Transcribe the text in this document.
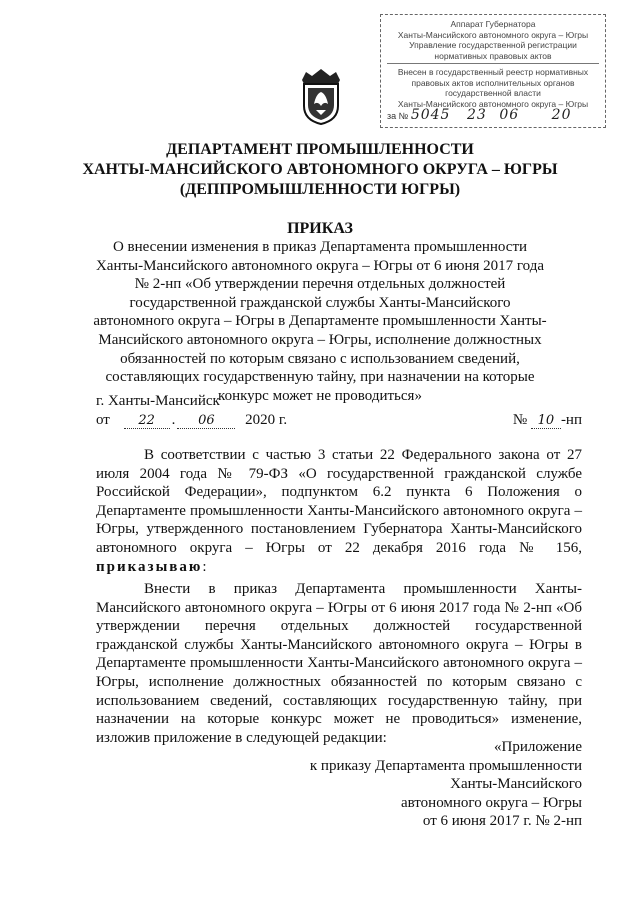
Аппарат Губернатора
Ханты-Мансийского автономного округа – Югры
Управление государственной регистрации
нормативных правовых актов
Внесен в государственный реестр нормативных
правовых актов исполнительных органов
государственной власти
Ханты-Мансийского автономного округа – Югры
за № 5045 23 06 20
ДЕПАРТАМЕНТ ПРОМЫШЛЕННОСТИ
ХАНТЫ-МАНСИЙСКОГО АВТОНОМНОГО ОКРУГА – ЮГРЫ
(ДЕППРОМЫШЛЕННОСТИ ЮГРЫ)
ПРИКАЗ
О внесении изменения в приказ Департамента промышленности Ханты-Мансийского автономного округа – Югры от 6 июня 2017 года № 2-нп «Об утверждении перечня отдельных должностей государственной гражданской службы Ханты-Мансийского автономного округа – Югры в Департаменте промышленности Ханты-Мансийского автономного округа – Югры, исполнение должностных обязанностей по которым связано с использованием сведений, составляющих государственную тайну, при назначении на которые конкурс может не проводиться»
г. Ханты-Мансийск
от 22 . 06 2020 г.	№ 10 -нп

В соответствии с частью 3 статьи 22 Федерального закона от 27 июля 2004 года № 79-ФЗ «О государственной гражданской службе Российской Федерации», подпунктом 6.2 пункта 6 Положения о Департаменте промышленности Ханты-Мансийского автономного округа – Югры, утвержденного постановлением Губернатора Ханты-Мансийского автономного округа – Югры от 22 декабря 2016 года № 156, приказываю:

Внести в приказ Департамента промышленности Ханты-Мансийского автономного округа – Югры от 6 июня 2017 года № 2-нп «Об утверждении перечня отдельных должностей государственной гражданской службы Ханты-Мансийского автономного округа – Югры в Департаменте промышленности Ханты-Мансийского автономного округа – Югры, исполнение должностных обязанностей по которым связано с использованием сведений, составляющих государственную тайну, при назначении на которые конкурс может не проводиться» изменение, изложив приложение в следующей редакции:

«Приложение
к приказу Департамента промышленности
Ханты-Мансийского
автономного округа – Югры
от 6 июня 2017 г. № 2-нп
